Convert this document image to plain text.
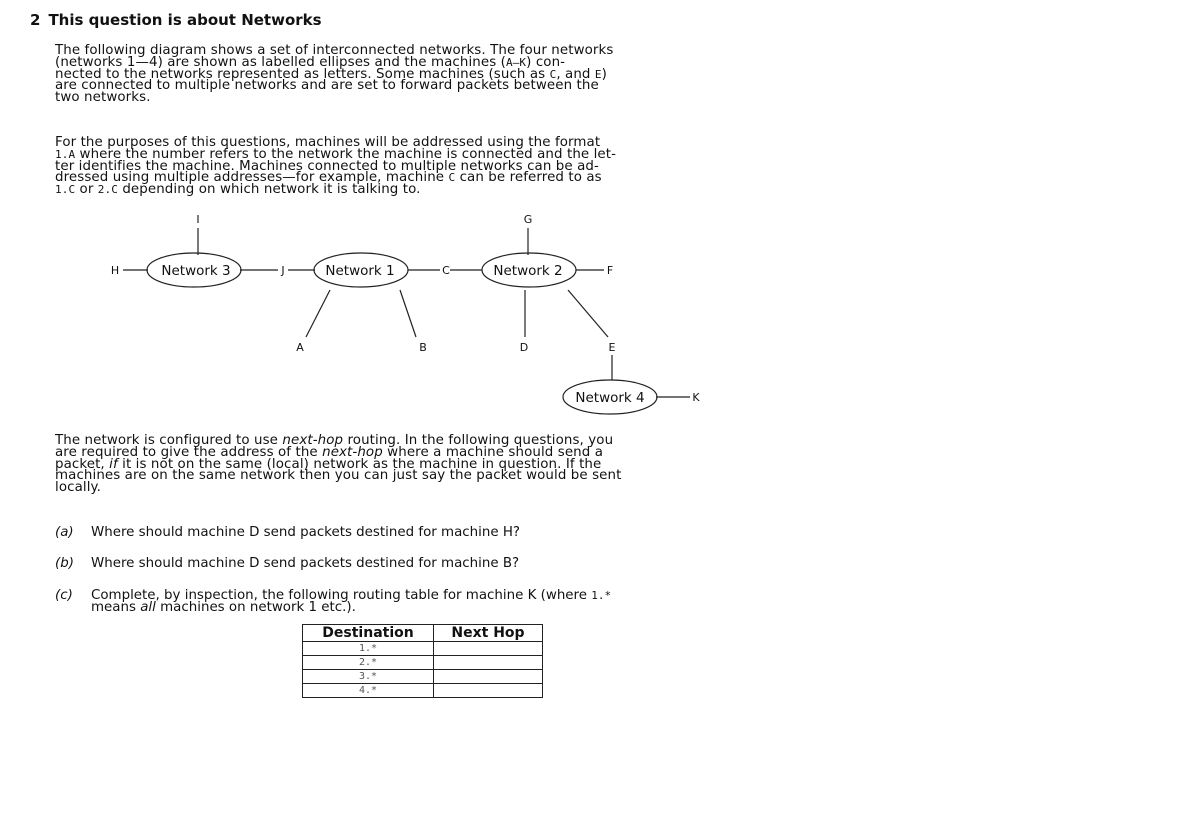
2 This question is about Networks
The following diagram shows a set of interconnected networks. The four networks
(networks 1—4) are shown as labelled ellipses and the machines (A—K) con-
nected to the networks represented as letters. Some machines (such as C, and E)
are connected to multiple networks and are set to forward packets between the
two networks.
For the purposes of this questions, machines will be addressed using the format
1.A where the number refers to the network the machine is connected and the let-
ter identifies the machine. Machines connected to multiple networks can be ad-
dressed using multiple addresses—for example, machine C can be referred to as
1.C or 2.C depending on which network it is talking to.
Network 3	Network 1	Network 2
Network 4
H
I
J
A	B
C
G
D	E
F
K
The network is configured to use next-hop routing. In the following questions, you
are required to give the address of the next-hop where a machine should send a
packet, if it is not on the same (local) network as the machine in question. If the
machines are on the same network then you can just say the packet would be sent
locally.
(a) Where should machine D send packets destined for machine H?
(b) Where should machine D send packets destined for machine B?
(c) Complete, by inspection, the following routing table for machine K (where 1.*
means all machines on network 1 etc.).
Destination	Next Hop
1.*	
2.*	
3.*	
4.*	
